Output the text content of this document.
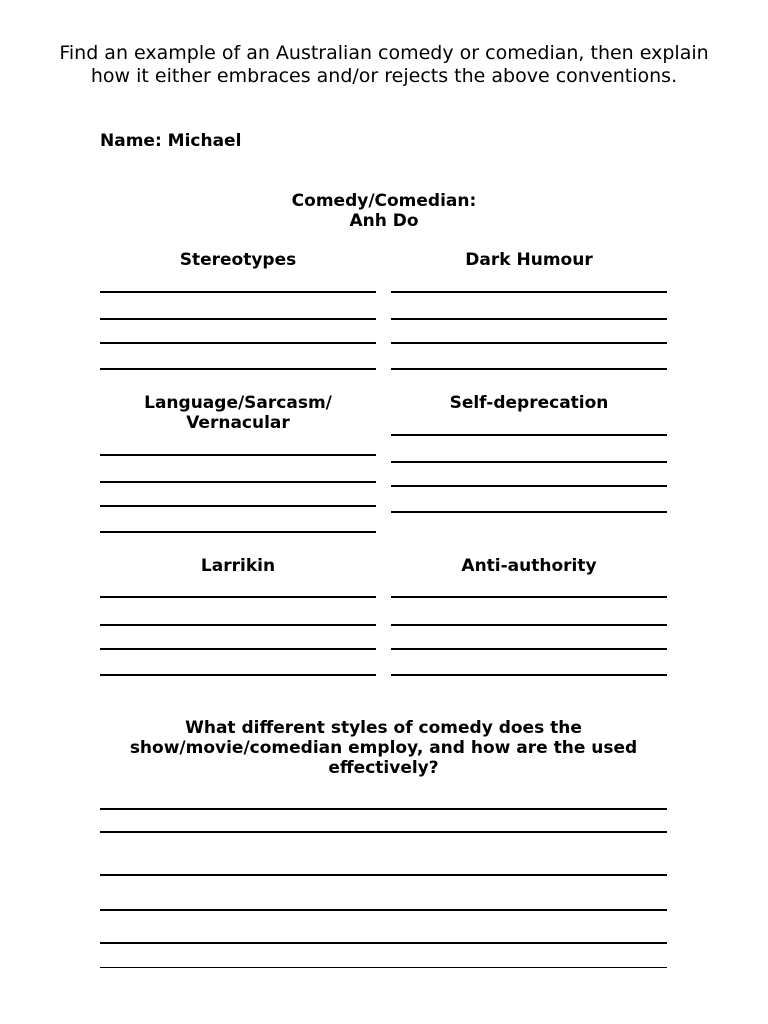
Find an example of an Australian comedy or comedian, then explain how it either embraces and/or rejects the above conventions.

Name: Michael
Comedy/Comedian:
Anh Do
Stereotypes	Dark Humour
Language/Sarcasm/
Vernacular
Self-deprecation
Larrikin	Anti-authority
What different styles of comedy does the show/movie/comedian employ, and how are the used effectively?
